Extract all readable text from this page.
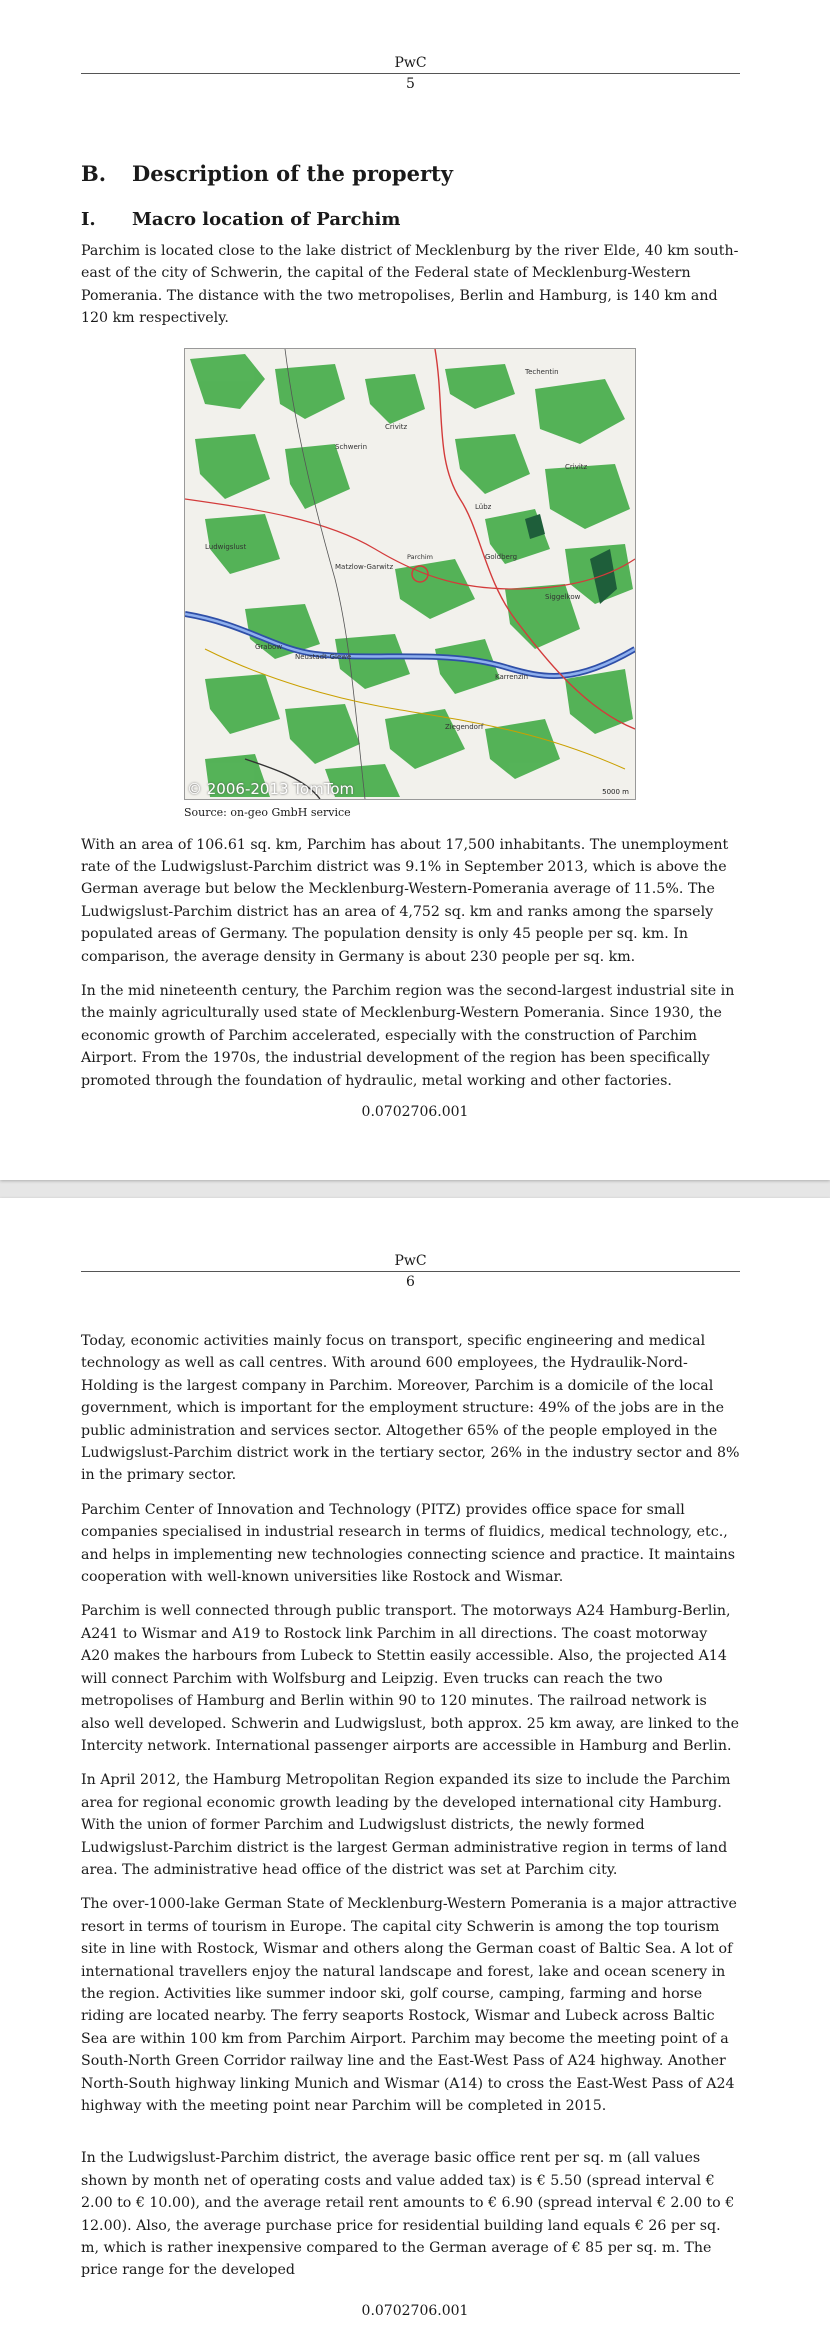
PwC
5
B. Description of the property
I. Macro location of Parchim

Parchim is located close to the lake district of Mecklenburg by the river Elde, 40 km south-east of the city of Schwerin, the capital of the Federal state of Mecklenburg-Western Pomerania. The distance with the two metropolises, Berlin and Hamburg, is 140 km and 120 km respectively.

Parchim
Schwerin
Lübz
Ludwigslust
Grabow
Crivitz
Techentin
Neustadt-Glewe
Karrenzin
Ziegendorf
Matzlow-Garwitz
Siggelkow
Goldberg
Crivitz
© 2006-2013 TomTom	5000 m
Source: on-geo GmbH service

With an area of 106.61 sq. km, Parchim has about 17,500 inhabitants. The unemployment rate of the Ludwigslust-Parchim district was 9.1% in September 2013, which is above the German average but below the Mecklenburg-Western-Pomerania average of 11.5%. The Ludwigslust-Parchim district has an area of 4,752 sq. km and ranks among the sparsely populated areas of Germany. The population density is only 45 people per sq. km. In comparison, the average density in Germany is about 230 people per sq. km.

In the mid nineteenth century, the Parchim region was the second-largest industrial site in the mainly agriculturally used state of Mecklenburg-Western Pomerania. Since 1930, the economic growth of Parchim accelerated, especially with the construction of Parchim Airport. From the 1970s, the industrial development of the region has been specifically promoted through the foundation of hydraulic, metal working and other factories.

0.0702706.001
PwC
6

Today, economic activities mainly focus on transport, specific engineering and medical technology as well as call centres. With around 600 employees, the Hydraulik-Nord-Holding is the largest company in Parchim. Moreover, Parchim is a domicile of the local government, which is important for the employment structure: 49% of the jobs are in the public administration and services sector. Altogether 65% of the people employed in the Ludwigslust-Parchim district work in the tertiary sector, 26% in the industry sector and 8% in the primary sector.

Parchim Center of Innovation and Technology (PITZ) provides office space for small companies specialised in industrial research in terms of fluidics, medical technology, etc., and helps in implementing new technologies connecting science and practice. It maintains cooperation with well-known universities like Rostock and Wismar.

Parchim is well connected through public transport. The motorways A24 Hamburg-Berlin, A241 to Wismar and A19 to Rostock link Parchim in all directions. The coast motorway A20 makes the harbours from Lubeck to Stettin easily accessible. Also, the projected A14 will connect Parchim with Wolfsburg and Leipzig. Even trucks can reach the two metropolises of Hamburg and Berlin within 90 to 120 minutes. The railroad network is also well developed. Schwerin and Ludwigslust, both approx. 25 km away, are linked to the Intercity network. International passenger airports are accessible in Hamburg and Berlin.

In April 2012, the Hamburg Metropolitan Region expanded its size to include the Parchim area for regional economic growth leading by the developed international city Hamburg. With the union of former Parchim and Ludwigslust districts, the newly formed Ludwigslust-Parchim district is the largest German administrative region in terms of land area. The administrative head office of the district was set at Parchim city.

The over-1000-lake German State of Mecklenburg-Western Pomerania is a major attractive resort in terms of tourism in Europe. The capital city Schwerin is among the top tourism site in line with Rostock, Wismar and others along the German coast of Baltic Sea. A lot of international travellers enjoy the natural landscape and forest, lake and ocean scenery in the region. Activities like summer indoor ski, golf course, camping, farming and horse riding are located nearby. The ferry seaports Rostock, Wismar and Lubeck across Baltic Sea are within 100 km from Parchim Airport. Parchim may become the meeting point of a South-North Green Corridor railway line and the East-West Pass of A24 highway. Another North-South highway linking Munich and Wismar (A14) to cross the East-West Pass of A24 highway with the meeting point near Parchim will be completed in 2015.

In the Ludwigslust-Parchim district, the average basic office rent per sq. m (all values shown by month net of operating costs and value added tax) is € 5.50 (spread interval € 2.00 to € 10.00), and the average retail rent amounts to € 6.90 (spread interval € 2.00 to € 12.00). Also, the average purchase price for residential building land equals € 26 per sq. m, which is rather inexpensive compared to the German average of € 85 per sq. m. The price range for the developed

0.0702706.001
